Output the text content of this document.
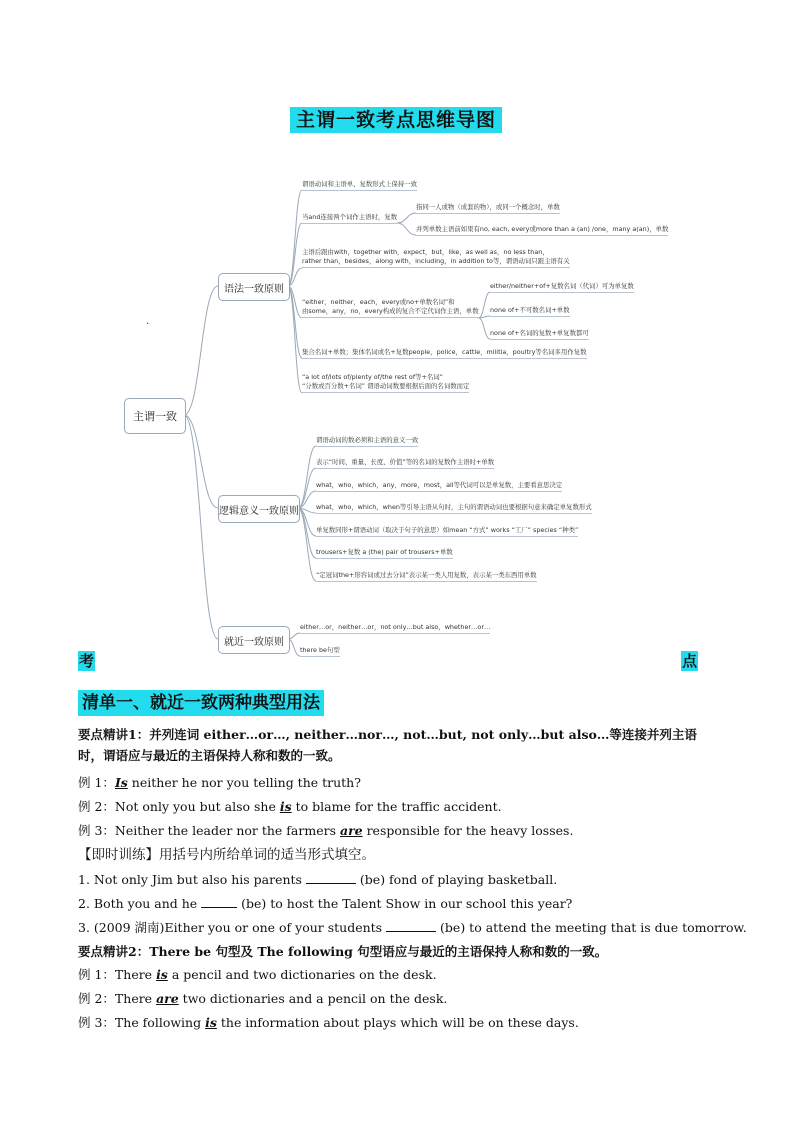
主谓一致考点思维导图
主谓一致
语法一致原则
谓语动词和主语单、复数形式上保持一致
当and连接两个词作主语时，复数
指同一人或物（成套的物），或同一个概念时，单数
并列单数主语前如果有no, each, every或more than a (an) /one，many a(an)，单数
主语后跟由with，together with，expect，but，like，as well as，no less than，
rather than，besides，along with，including，in addition to等，谓语动词只跟主语有关
“either，neither，each，every或no+单数名词”和
由some，any，no，every构成的复合不定代词作主语，单数
either/neither+of+复数名词（代词）可为单复数
none of+不可数名词+单数
none of+名词的复数+单复数都可
集合名词+单数；集体名词或名+复数people，police，cattle，militia，poultry等名词多用作复数
“a lot of/lots of/plenty of/the rest of等+名词”
“分数或百分数+名词” 谓语动词数要根据后面的名词数而定
逻辑意义一致原则
谓语动词的数必须和主语的意义一致
表示“时间、重量、长度、价值”等的名词的复数作主语时+单数
what，who，which，any，more，most，all等代词可以是单复数，主要看意思决定
what，who，which，when等引导主语从句时，主句的谓语动词也要根据句意来确定单复数形式
单复数同形+谓语动词（取决于句子的意思）如mean “方式” works “工厂” species “种类”
trousers+复数 a (the) pair of trousers+单数
“定冠词the+形容词或过去分词”表示某一类人用复数，表示某一类东西用单数
就近一致原则
either…or，neither…or，not only…but also，whether…or…
there be句型
.
考	点
清单一、就近一致两种典型用法
要点精讲1：并列连词 either…or…, neither…nor…, not…but, not only…but also…等连接并列主语时，谓语应与最近的主语保持人称和数的一致。
例 1：Is neither he nor you telling the truth?
例 2：Not only you but also she is to blame for the traffic accident.
例 3：Neither the leader nor the farmers are responsible for the heavy losses.
【即时训练】用括号内所给单词的适当形式填空。
1. Not only Jim but also his parents	(be) fond of playing basketball.
2. Both you and he	(be) to host the Talent Show in our school this year?
3. (2009 湖南)Either you or one of your students	(be) to attend the meeting that is due tomorrow.
要点精讲2：There be 句型及 The following 句型语应与最近的主语保持人称和数的一致。
例 1：There is a pencil and two dictionaries on the desk.
例 2：There are two dictionaries and a pencil on the desk.
例 3：The following is the information about plays which will be on these days.
